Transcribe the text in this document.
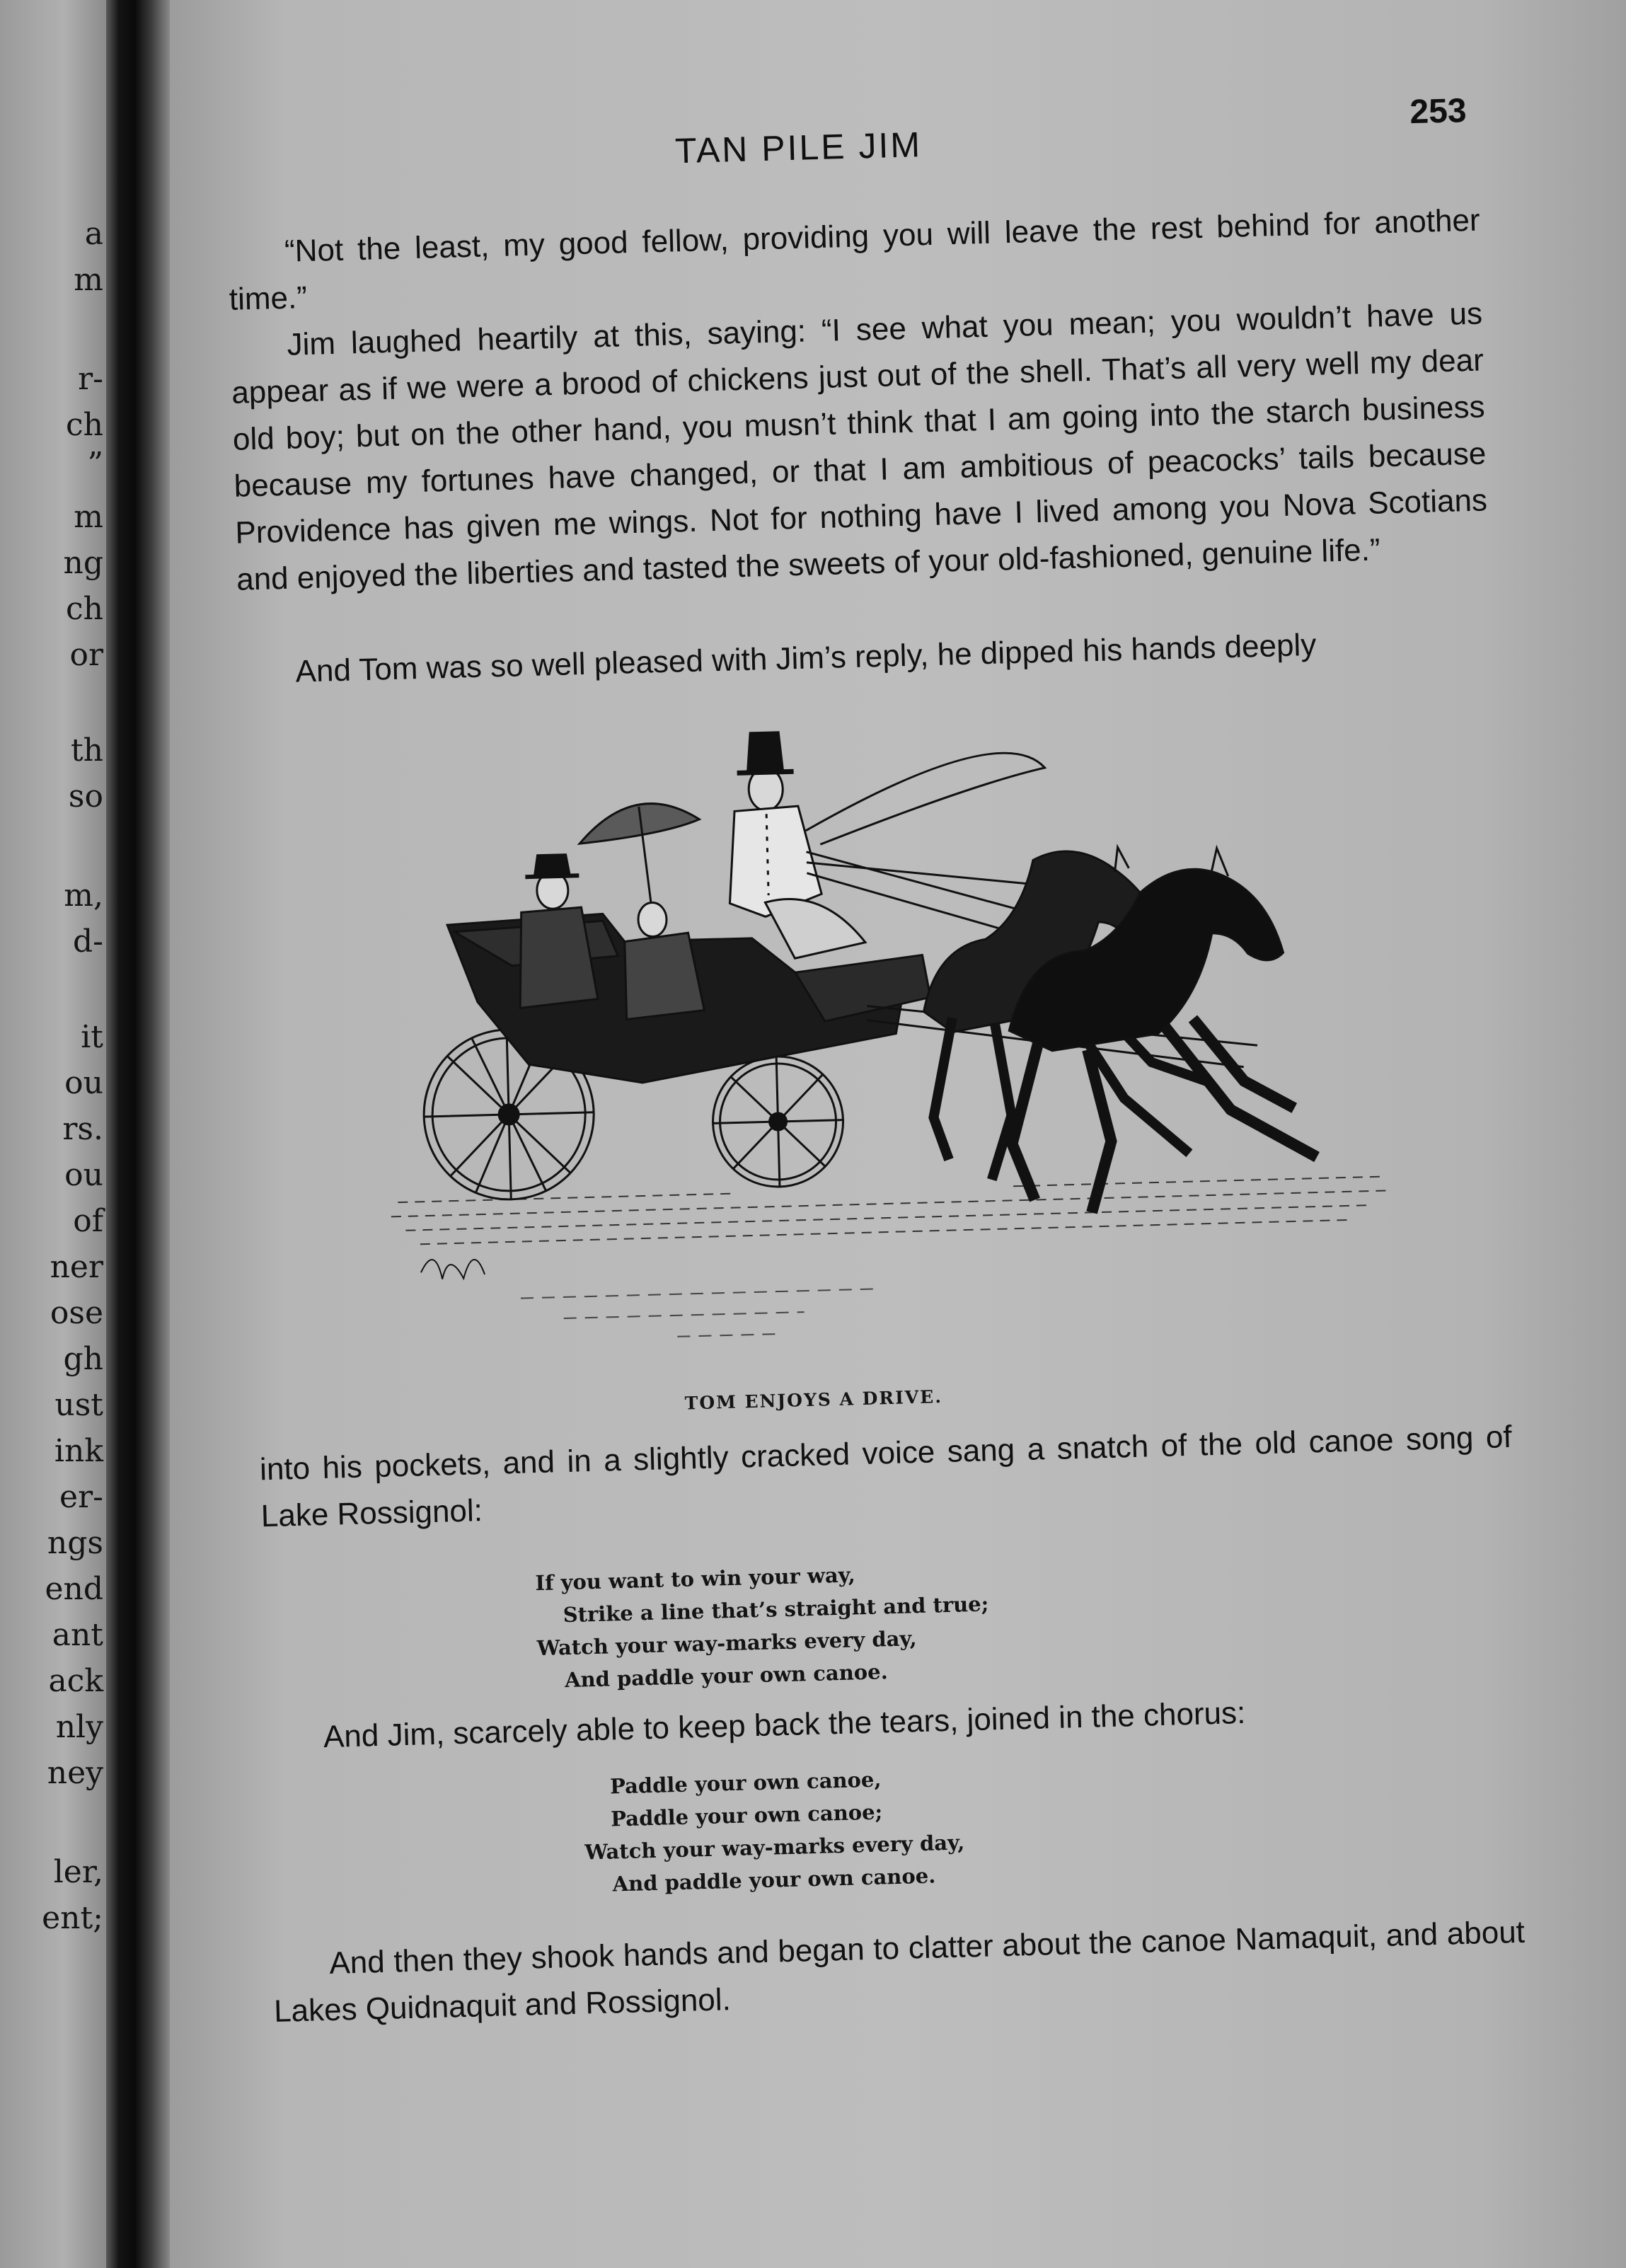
a
m
r-
ch
”
m
ng
ch
or
th
so
m,
d-
it
ou
rs.
ou
of
ner
ose
gh
ust
ink
er-
ngs
end
ant
ack
nly
ney
ler,
ent;
TAN PILE JIM
253

“Not the least, my good fellow, providing you will leave the rest behind for another time.”

Jim laughed heartily at this, saying: “I see what you mean; you wouldn’t have us appear as if we were a brood of chickens just out of the shell. That’s all very well my dear old boy; but on the other hand, you musn’t think that I am going into the starch business because my fortunes have changed, or that I am ambitious of peacocks’ tails because Providence has given me wings. Not for nothing have I lived among you Nova Scotians and enjoyed the liberties and tasted the sweets of your old-fashioned, genuine life.”

And Tom was so well pleased with Jim’s reply, he dipped his hands deeply

TOM ENJOYS A DRIVE.

into his pockets, and in a slightly cracked voice sang a snatch of the old canoe song of Lake Rossignol:

If you want to win your way,
Strike a line that’s straight and true;
Watch your way-marks every day,
And paddle your own canoe.

And Jim, scarcely able to keep back the tears, joined in the chorus:

Paddle your own canoe,
Paddle your own canoe;
Watch your way-marks every day,
And paddle your own canoe.

And then they shook hands and began to clatter about the canoe Namaquit, and about Lakes Quidnaquit and Rossignol.
